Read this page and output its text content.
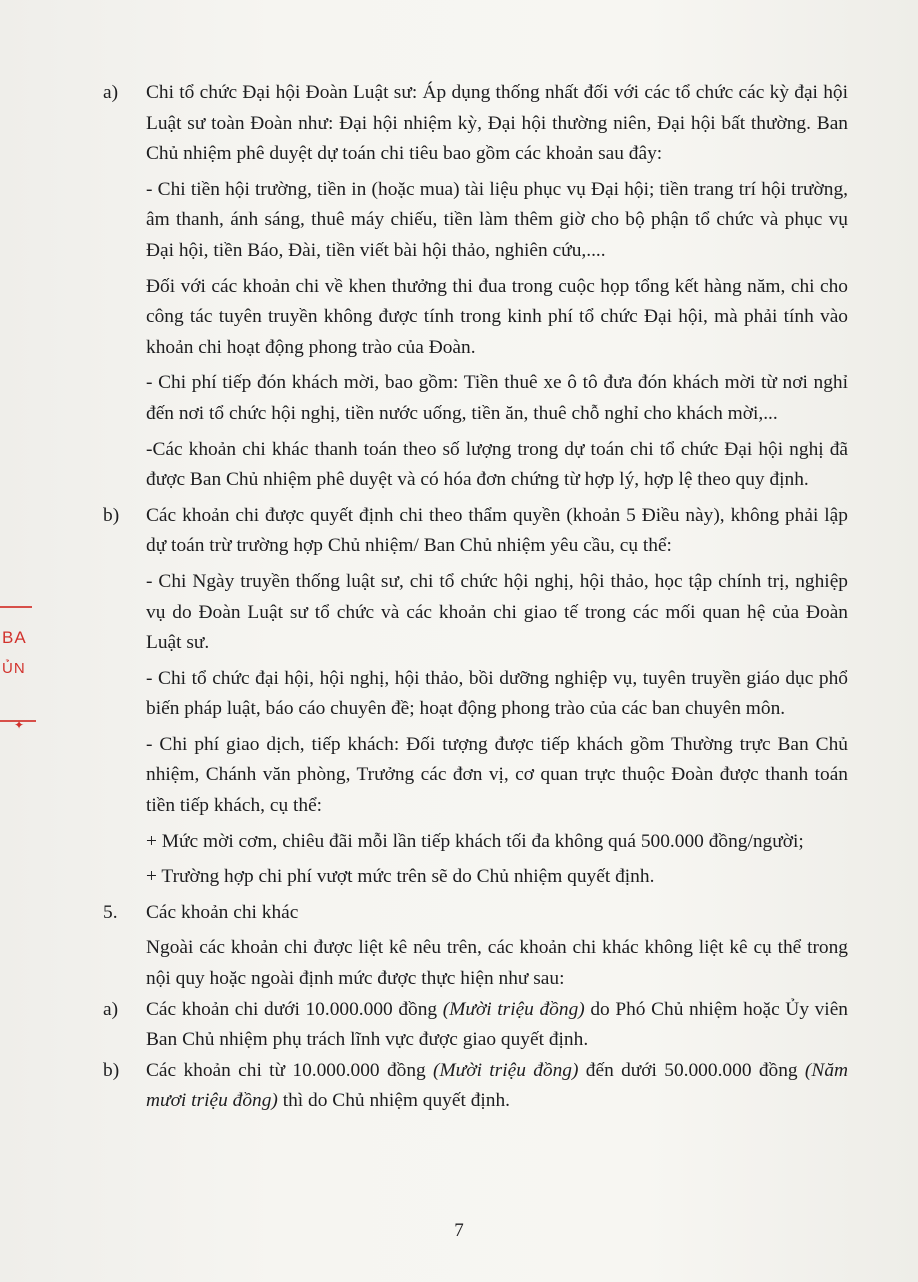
BA
ỦN
✦

a) Chi tổ chức Đại hội Đoàn Luật sư: Áp dụng thống nhất đối với các tổ chức các kỳ đại hội Luật sư toàn Đoàn như: Đại hội nhiệm kỳ, Đại hội thường niên, Đại hội bất thường. Ban Chủ nhiệm phê duyệt dự toán chi tiêu bao gồm các khoản sau đây:

- Chi tiền hội trường, tiền in (hoặc mua) tài liệu phục vụ Đại hội; tiền trang trí hội trường, âm thanh, ánh sáng, thuê máy chiếu, tiền làm thêm giờ cho bộ phận tổ chức và phục vụ Đại hội, tiền Báo, Đài, tiền viết bài hội thảo, nghiên cứu,....

Đối với các khoản chi về khen thưởng thi đua trong cuộc họp tổng kết hàng năm, chi cho công tác tuyên truyền không được tính trong kinh phí tổ chức Đại hội, mà phải tính vào khoản chi hoạt động phong trào của Đoàn.

- Chi phí tiếp đón khách mời, bao gồm: Tiền thuê xe ô tô đưa đón khách mời từ nơi nghỉ đến nơi tổ chức hội nghị, tiền nước uống, tiền ăn, thuê chỗ nghỉ cho khách mời,...

-Các khoản chi khác thanh toán theo số lượng trong dự toán chi tổ chức Đại hội nghị đã được Ban Chủ nhiệm phê duyệt và có hóa đơn chứng từ hợp lý, hợp lệ theo quy định.

b) Các khoản chi được quyết định chi theo thẩm quyền (khoản 5 Điều này), không phải lập dự toán trừ trường hợp Chủ nhiệm/ Ban Chủ nhiệm yêu cầu, cụ thể:

- Chi Ngày truyền thống luật sư, chi tổ chức hội nghị, hội thảo, học tập chính trị, nghiệp vụ do Đoàn Luật sư tổ chức và các khoản chi giao tế trong các mối quan hệ của Đoàn Luật sư.

- Chi tổ chức đại hội, hội nghị, hội thảo, bồi dưỡng nghiệp vụ, tuyên truyền giáo dục phổ biến pháp luật, báo cáo chuyên đề; hoạt động phong trào của các ban chuyên môn.

- Chi phí giao dịch, tiếp khách: Đối tượng được tiếp khách gồm Thường trực Ban Chủ nhiệm, Chánh văn phòng, Trưởng các đơn vị, cơ quan trực thuộc Đoàn được thanh toán tiền tiếp khách, cụ thể:

+ Mức mời cơm, chiêu đãi mỗi lần tiếp khách tối đa không quá 500.000 đồng/người;

+ Trường hợp chi phí vượt mức trên sẽ do Chủ nhiệm quyết định.

5. Các khoản chi khác

Ngoài các khoản chi được liệt kê nêu trên, các khoản chi khác không liệt kê cụ thể trong nội quy hoặc ngoài định mức được thực hiện như sau:

a) Các khoản chi dưới 10.000.000 đồng (Mười triệu đồng) do Phó Chủ nhiệm hoặc Ủy viên Ban Chủ nhiệm phụ trách lĩnh vực được giao quyết định.

b) Các khoản chi từ 10.000.000 đồng (Mười triệu đồng) đến dưới 50.000.000 đồng (Năm mươi triệu đồng) thì do Chủ nhiệm quyết định.

7
